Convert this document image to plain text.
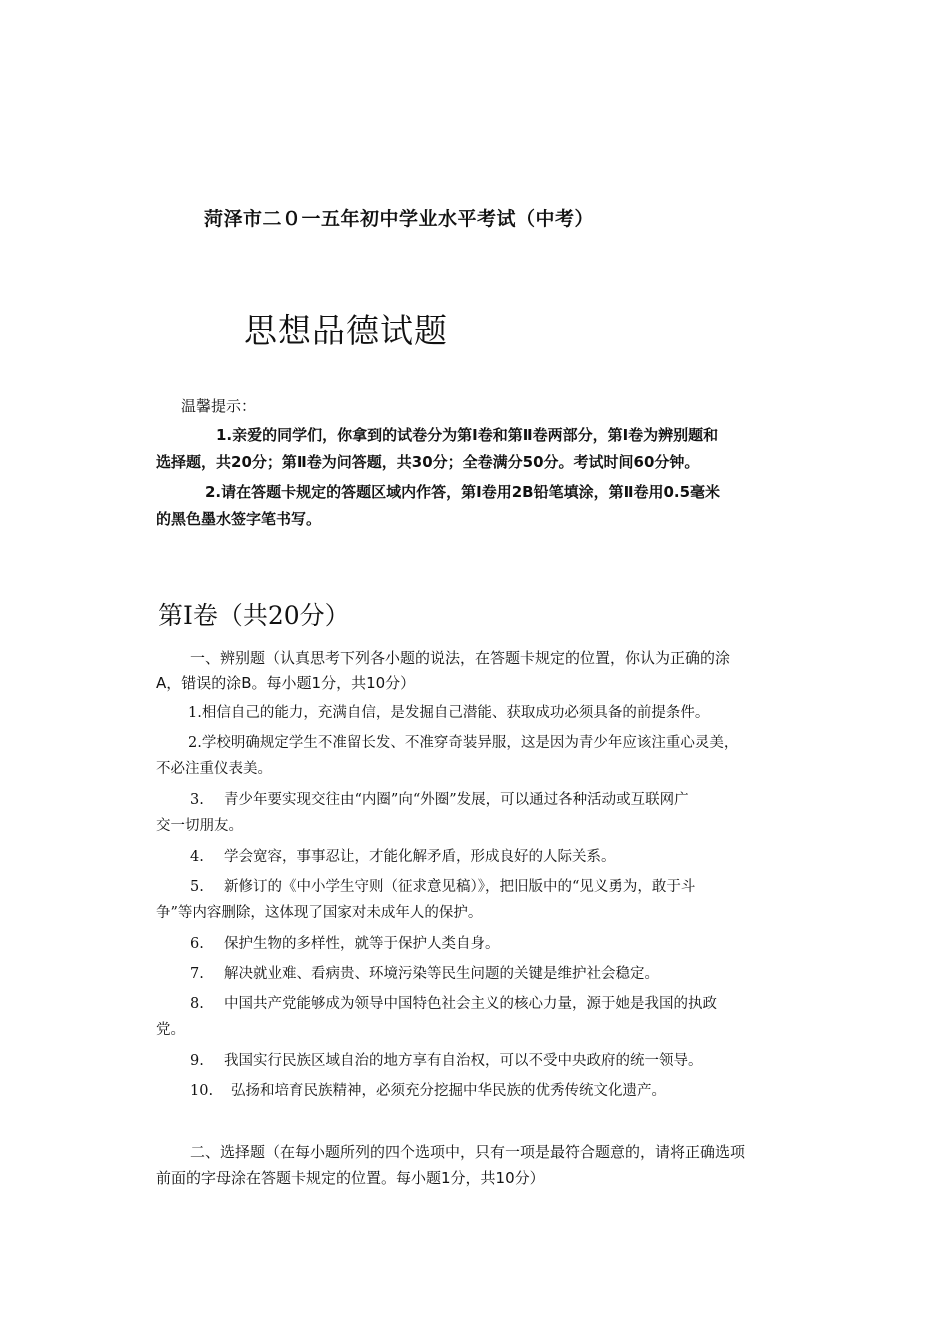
菏泽市二０一五年初中学业水平考试（中考）
思想品德试题
温馨提示：
1.亲爱的同学们，你拿到的试卷分为第Ⅰ卷和第Ⅱ卷两部分，第Ⅰ卷为辨别题和
选择题，共20分；第Ⅱ卷为问答题，共30分；全卷满分50分。考试时间60分钟。
2.请在答题卡规定的答题区域内作答，第Ⅰ卷用2B铅笔填涂，第Ⅱ卷用0.5毫米
的黑色墨水签字笔书写。
第Ⅰ卷（共20分）
一、辨别题（认真思考下列各小题的说法，在答题卡规定的位置，你认为正确的涂
A，错误的涂B。每小题1分，共10分）
1.相信自己的能力，充满自信，是发掘自己潜能、获取成功必须具备的前提条件。
2.学校明确规定学生不准留长发、不准穿奇装异服，这是因为青少年应该注重心灵美，
不必注重仪表美。
3. 青少年要实现交往由“内圈”向“外圈”发展，可以通过各种活动或互联网广
交一切朋友。
4. 学会宽容，事事忍让，才能化解矛盾，形成良好的人际关系。
5. 新修订的《中小学生守则（征求意见稿）》，把旧版中的“见义勇为，敢于斗
争”等内容删除，这体现了国家对未成年人的保护。
6. 保护生物的多样性，就等于保护人类自身。
7. 解决就业难、看病贵、环境污染等民生问题的关键是维护社会稳定。
8. 中国共产党能够成为领导中国特色社会主义的核心力量，源于她是我国的执政
党。
9. 我国实行民族区域自治的地方享有自治权，可以不受中央政府的统一领导。
10. 弘扬和培育民族精神，必须充分挖掘中华民族的优秀传统文化遗产。
二、选择题（在每小题所列的四个选项中，只有一项是最符合题意的，请将正确选项
前面的字母涂在答题卡规定的位置。每小题1分，共10分）
